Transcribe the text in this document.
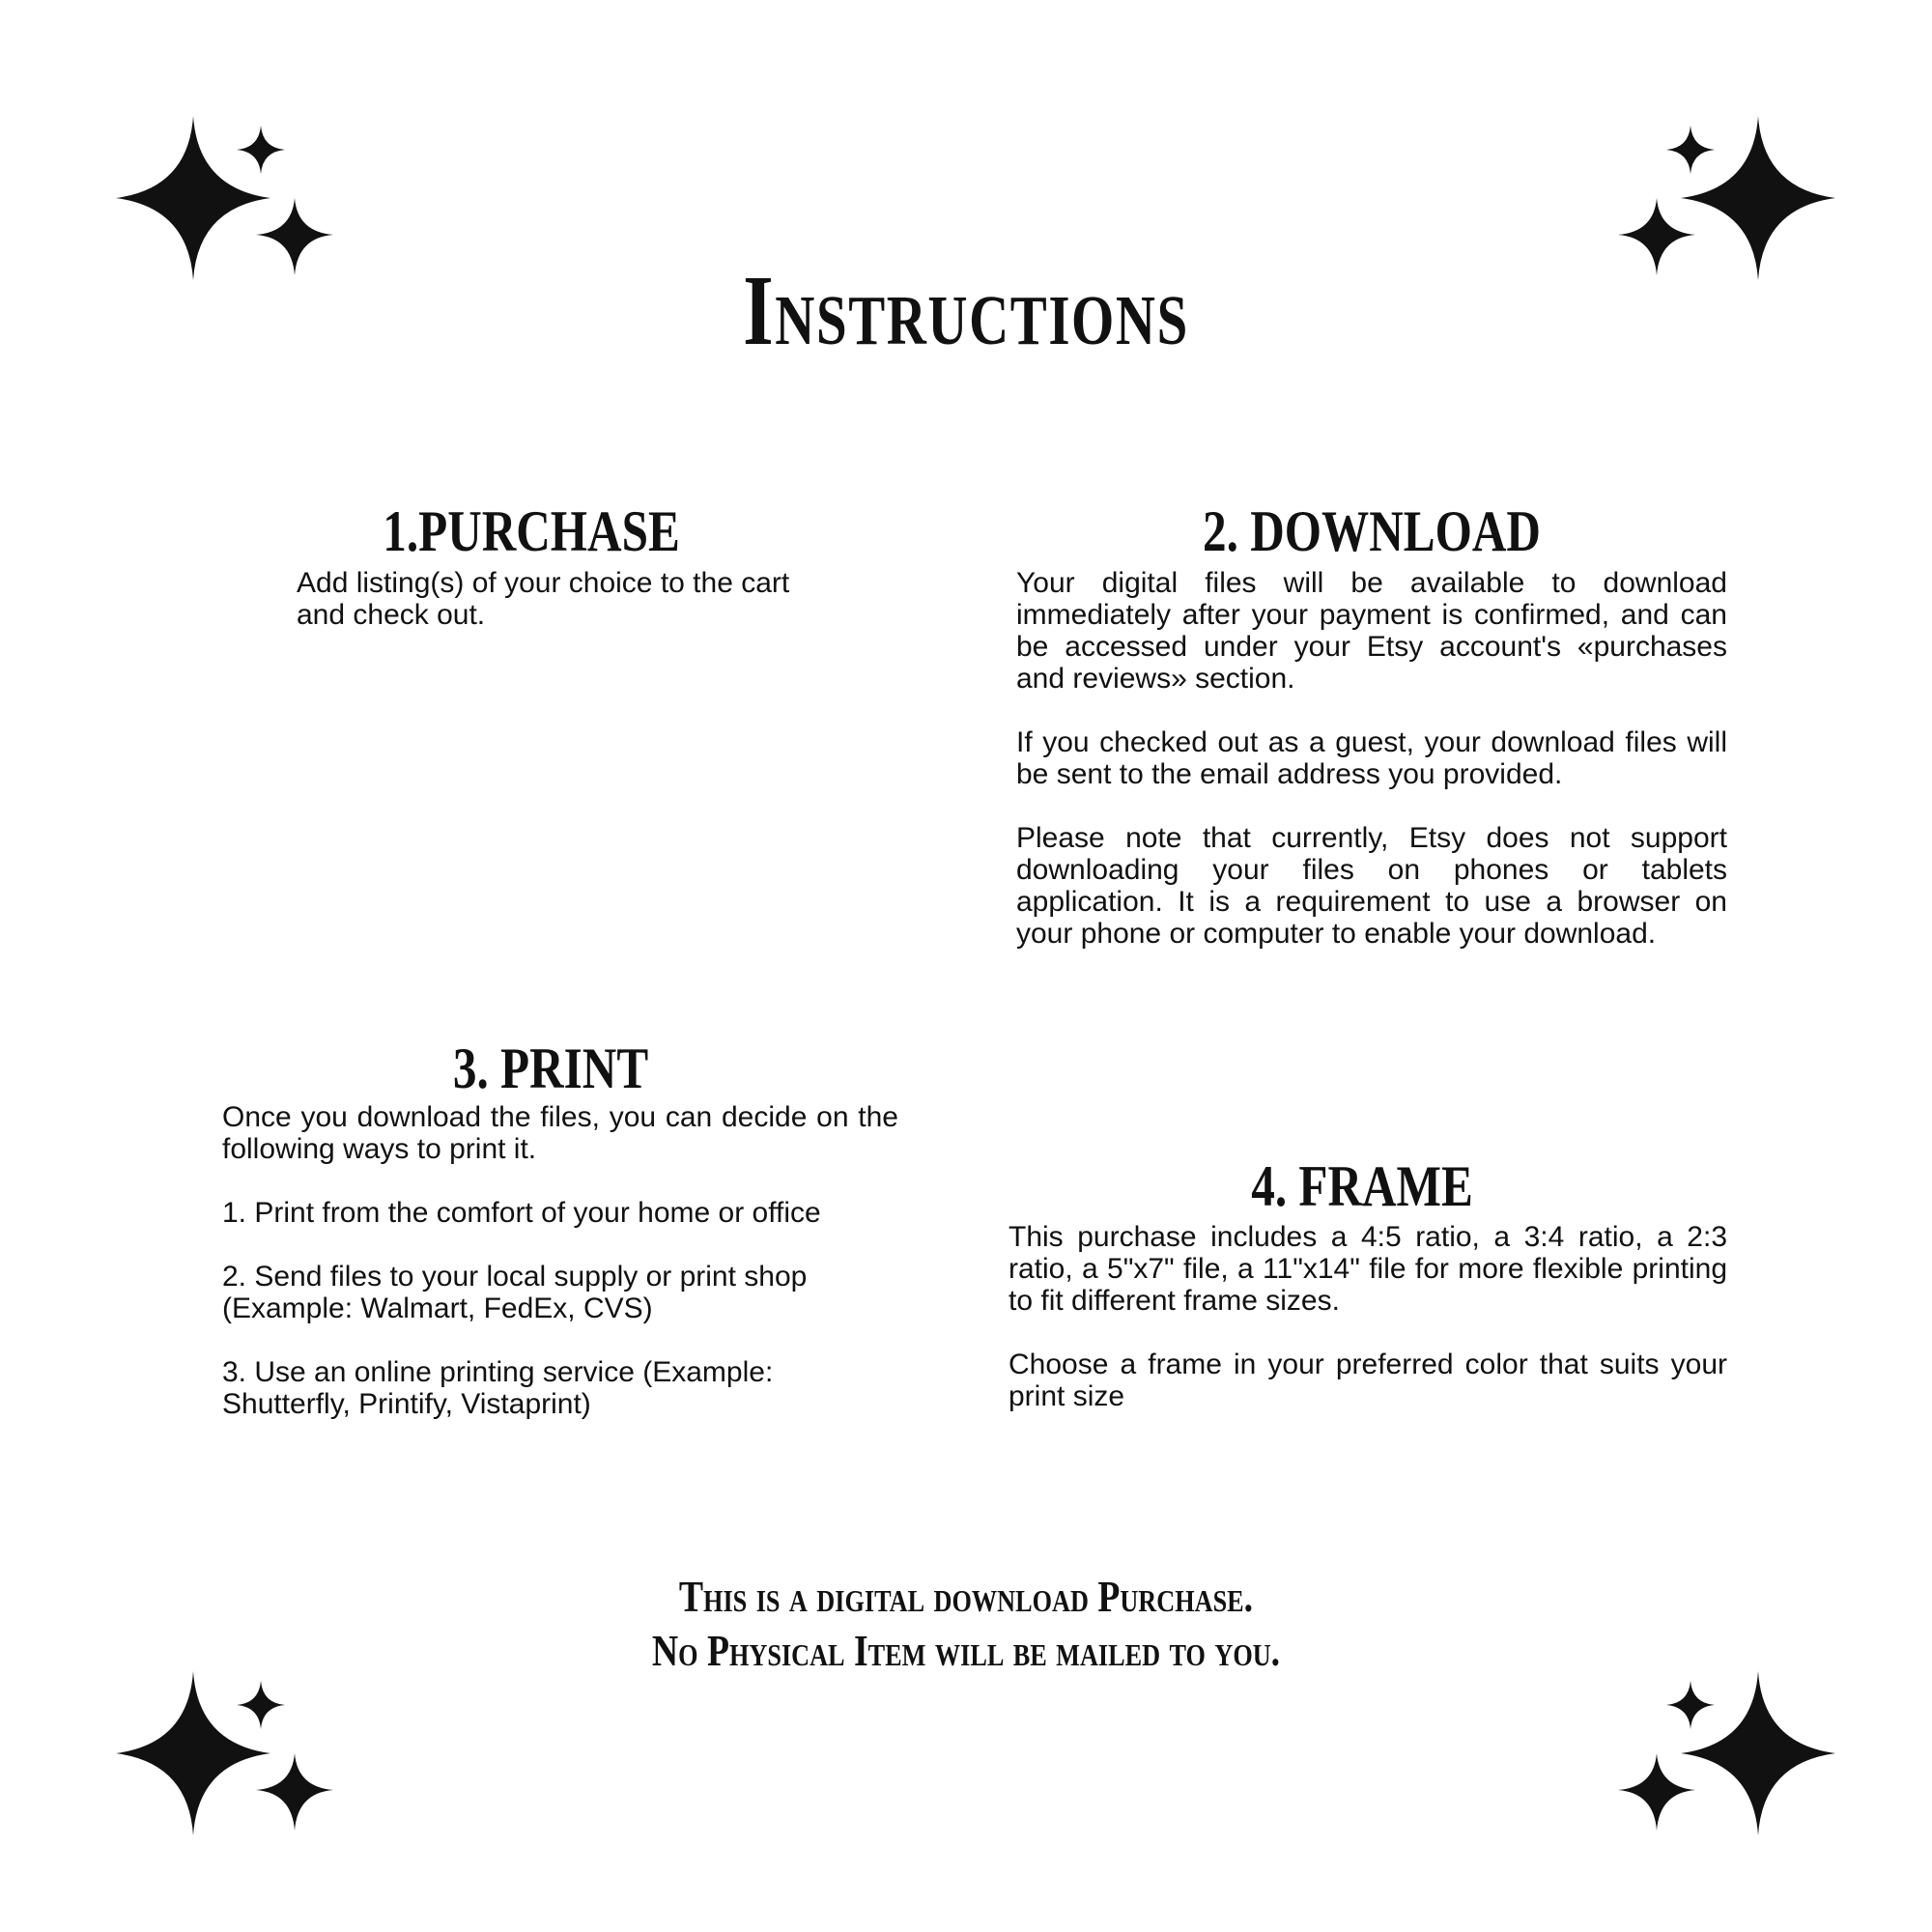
Instructions
1.PURCHASE

Add listing(s) of your choice to the cart and check out.

2. DOWNLOAD

Your digital files will be available to download immediately after your payment is confirmed, and can be accessed under your Etsy account's «purchases and reviews» section.

If you checked out as a guest, your download files will be sent to the email address you provided.

Please note that currently, Etsy does not support downloading your files on phones or tablets application. It is a requirement to use a browser on your phone or computer to enable your download.

3. PRINT

Once you download the files, you can decide on the following ways to print it.

1. Print from the comfort of your home or office

2. Send files to your local supply or print shop (Example: Walmart, FedEx, CVS)

3. Use an online printing service (Example: Shutterfly, Printify, Vistaprint)

4. FRAME

This purchase includes a 4:5 ratio, a 3:4 ratio, a 2:3 ratio, a 5"x7" file, a 11"x14" file for more flexible printing to fit different frame sizes.

Choose a frame in your preferred color that suits your print size

This is a digital download Purchase.
No Physical Item will be mailed to you.
